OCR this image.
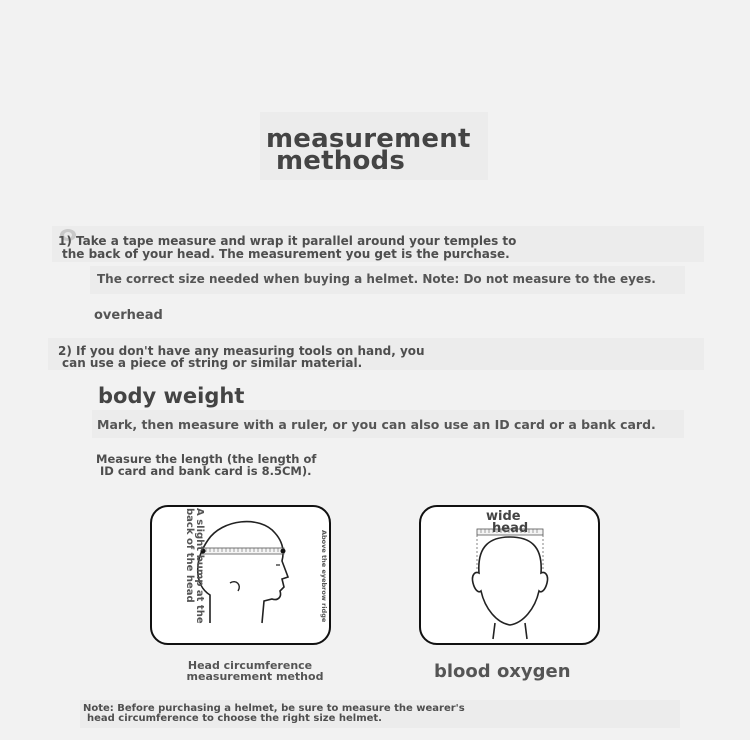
measurement
methods
1) Take a tape measure and wrap it parallel around your temples to
the back of your head. The measurement you get is the purchase.
The correct size needed when buying a helmet. Note: Do not measure to the eyes.
overhead
2) If you don't have any measuring tools on hand, you
can use a piece of string or similar material.
body weight
Mark, then measure with a ruler, or you can also use an ID card or a bank card.
Measure the length (the length of
ID card and bank card is 8.5CM).
A slight bump at the back of the head	Above the eyebrow ridge
wide
head
Head circumference
measurement method	blood oxygen
Note: Before purchasing a helmet, be sure to measure the wearer's
head circumference to choose the right size helmet.
